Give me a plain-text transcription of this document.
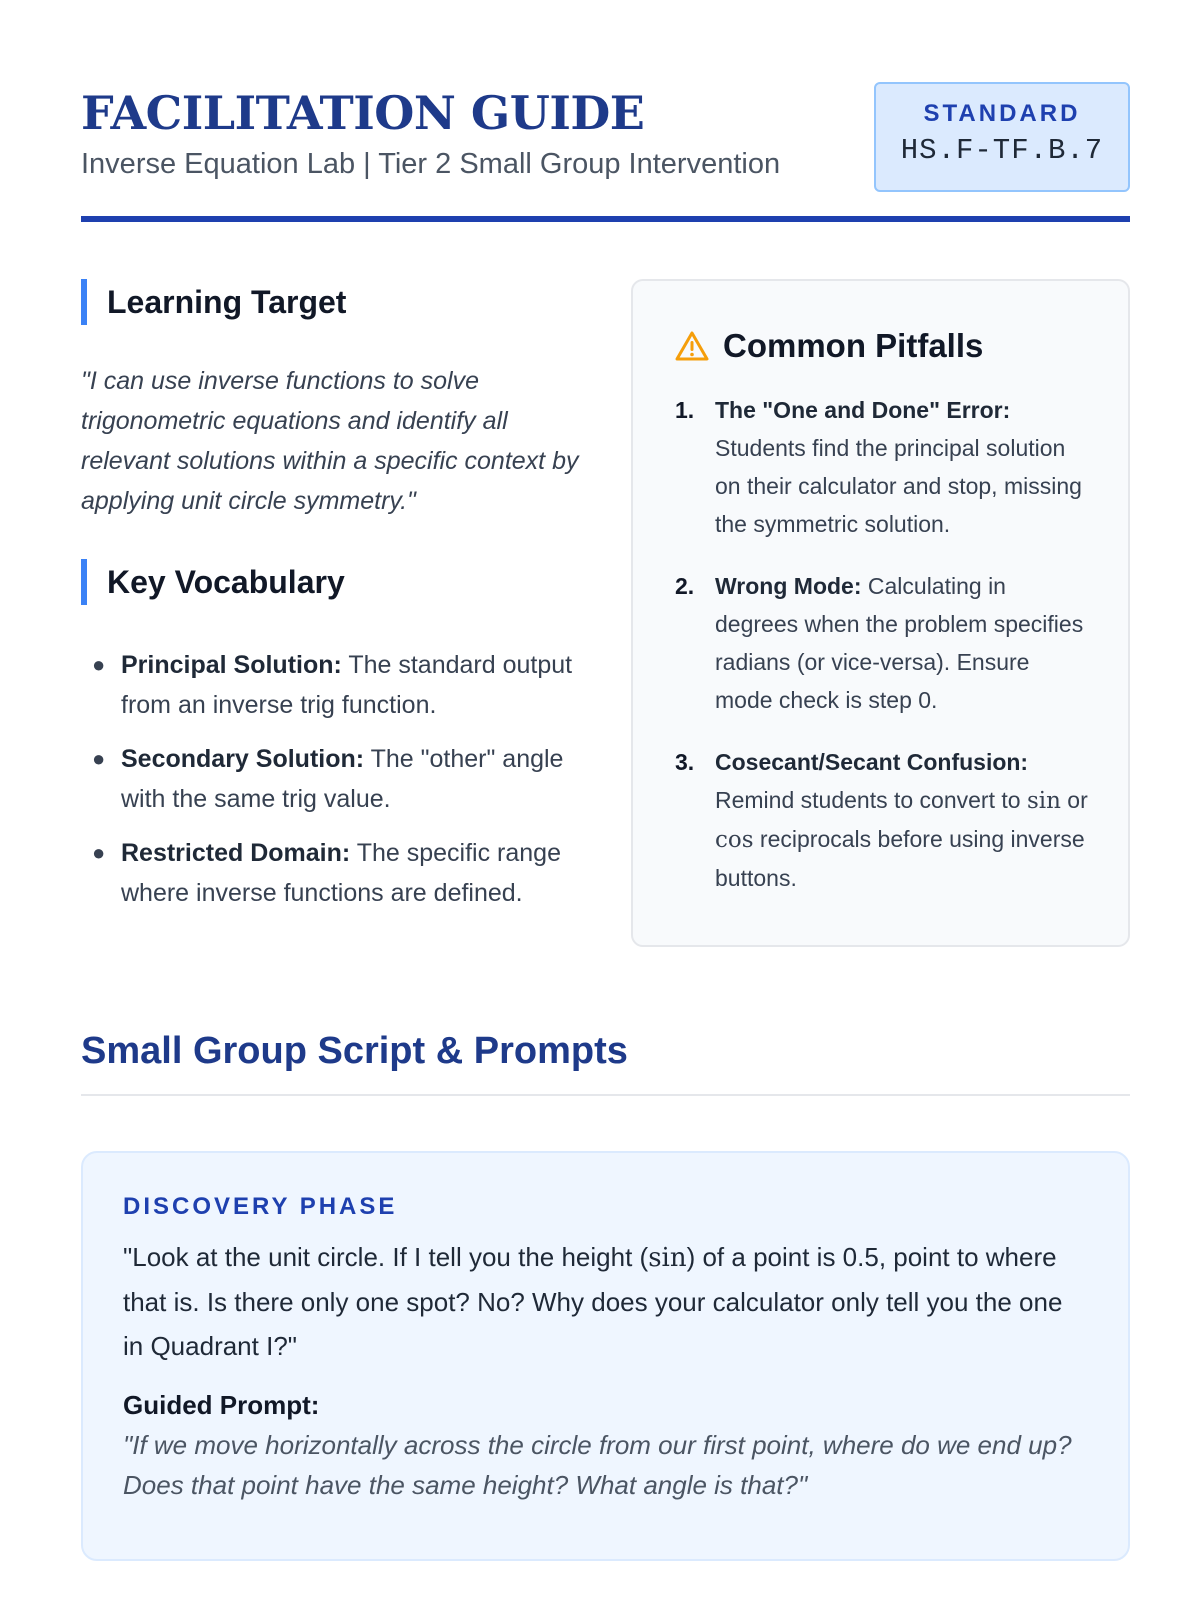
FACILITATION GUIDE
Inverse Equation Lab | Tier 2 Small Group Intervention
STANDARD
HS.F-TF.B.7
Learning Target

"I can use inverse functions to solve trigonometric equations and identify all relevant solutions within a specific context by applying unit circle symmetry."

Key Vocabulary
● Principal Solution: The standard output from an inverse trig function.
● Secondary Solution: The "other" angle with the same trig value.
● Restricted Domain: The specific range where inverse functions are defined.
Common Pitfalls
1. The "One and Done" Error: Students find the principal solution on their calculator and stop, missing the symmetric solution.
2. Wrong Mode: Calculating in degrees when the problem specifies radians (or vice-versa). Ensure mode check is step 0.
3. Cosecant/Secant Confusion: Remind students to convert to sin or cos reciprocals before using inverse buttons.
Small Group Script & Prompts
DISCOVERY PHASE

"Look at the unit circle. If I tell you the height (sin) of a point is 0.5, point to where that is. Is there only one spot? No? Why does your calculator only tell you the one in Quadrant I?"

Guided Prompt:

"If we move horizontally across the circle from our first point, where do we end up? Does that point have the same height? What angle is that?"
